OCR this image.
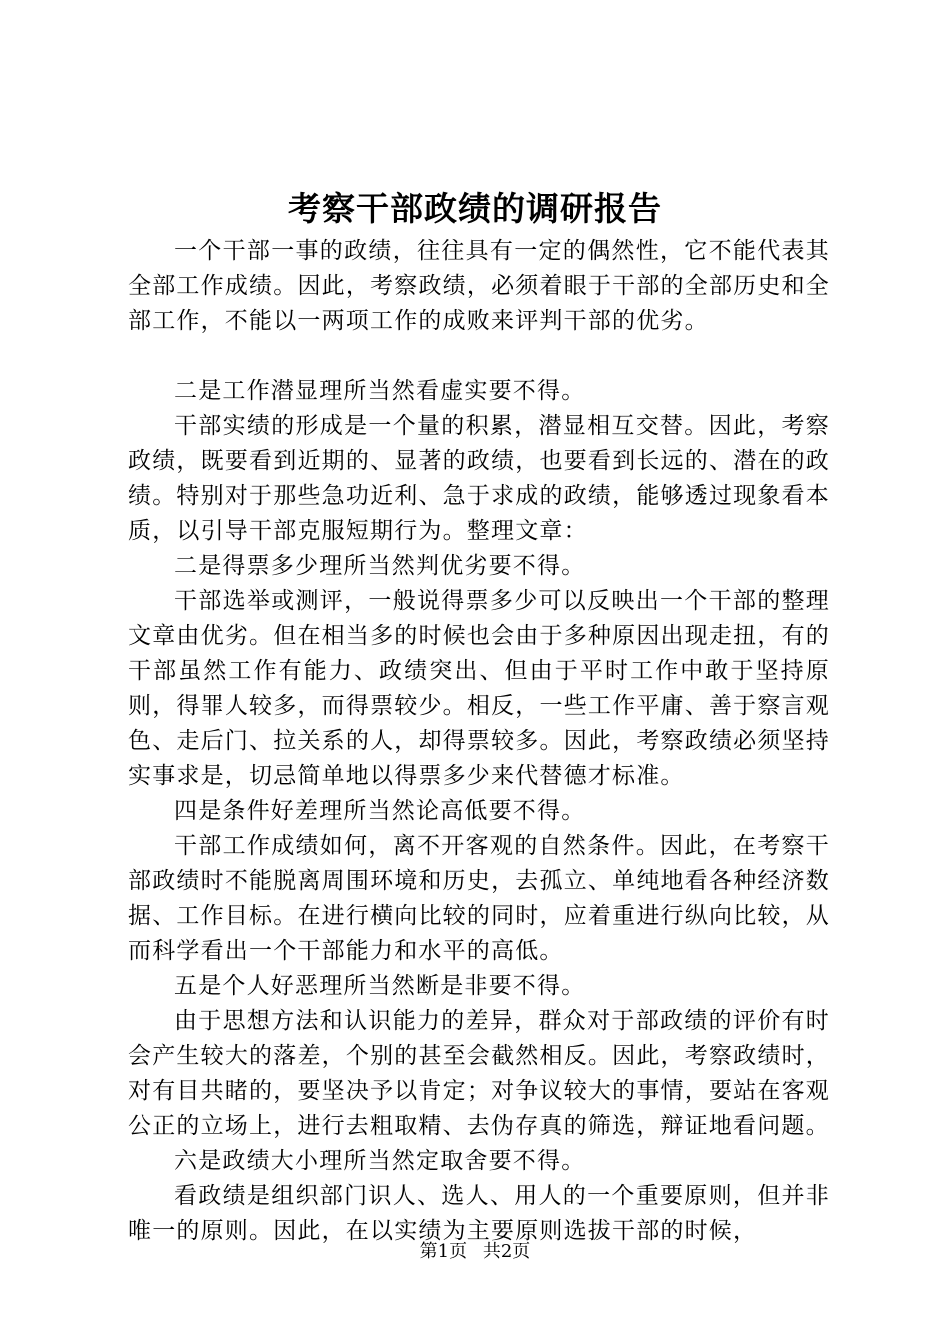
考察干部政绩的调研报告

一个干部一事的政绩，往往具有一定的偶然性，它不能代表其全部工作成绩。因此，考察政绩，必须着眼于干部的全部历史和全部工作，不能以一两项工作的成败来评判干部的优劣。

二是工作潜显理所当然看虚实要不得。

干部实绩的形成是一个量的积累，潜显相互交替。因此，考察政绩，既要看到近期的、显著的政绩，也要看到长远的、潜在的政绩。特别对于那些急功近利、急于求成的政绩，能够透过现象看本质，以引导干部克服短期行为。整理文章：

二是得票多少理所当然判优劣要不得。

干部选举或测评，一般说得票多少可以反映出一个干部的整理文章由优劣。但在相当多的时候也会由于多种原因出现走扭，有的干部虽然工作有能力、政绩突出、但由于平时工作中敢于坚持原则，得罪人较多，而得票较少。相反，一些工作平庸、善于察言观色、走后门、拉关系的人，却得票较多。因此，考察政绩必须坚持实事求是，切忌简单地以得票多少来代替德才标准。

四是条件好差理所当然论高低要不得。

干部工作成绩如何，离不开客观的自然条件。因此，在考察干部政绩时不能脱离周围环境和历史，去孤立、单纯地看各种经济数据、工作目标。在进行横向比较的同时，应着重进行纵向比较，从而科学看出一个干部能力和水平的高低。

五是个人好恶理所当然断是非要不得。

由于思想方法和认识能力的差异，群众对于部政绩的评价有时会产生较大的落差，个别的甚至会截然相反。因此，考察政绩时，对有目共睹的，要坚决予以肯定；对争议较大的事情，要站在客观公正的立场上，进行去粗取精、去伪存真的筛选，辩证地看问题。

六是政绩大小理所当然定取舍要不得。

看政绩是组织部门识人、选人、用人的一个重要原则，但并非唯一的原则。因此，在以实绩为主要原则选拔干部的时候，

第1页 共2页
